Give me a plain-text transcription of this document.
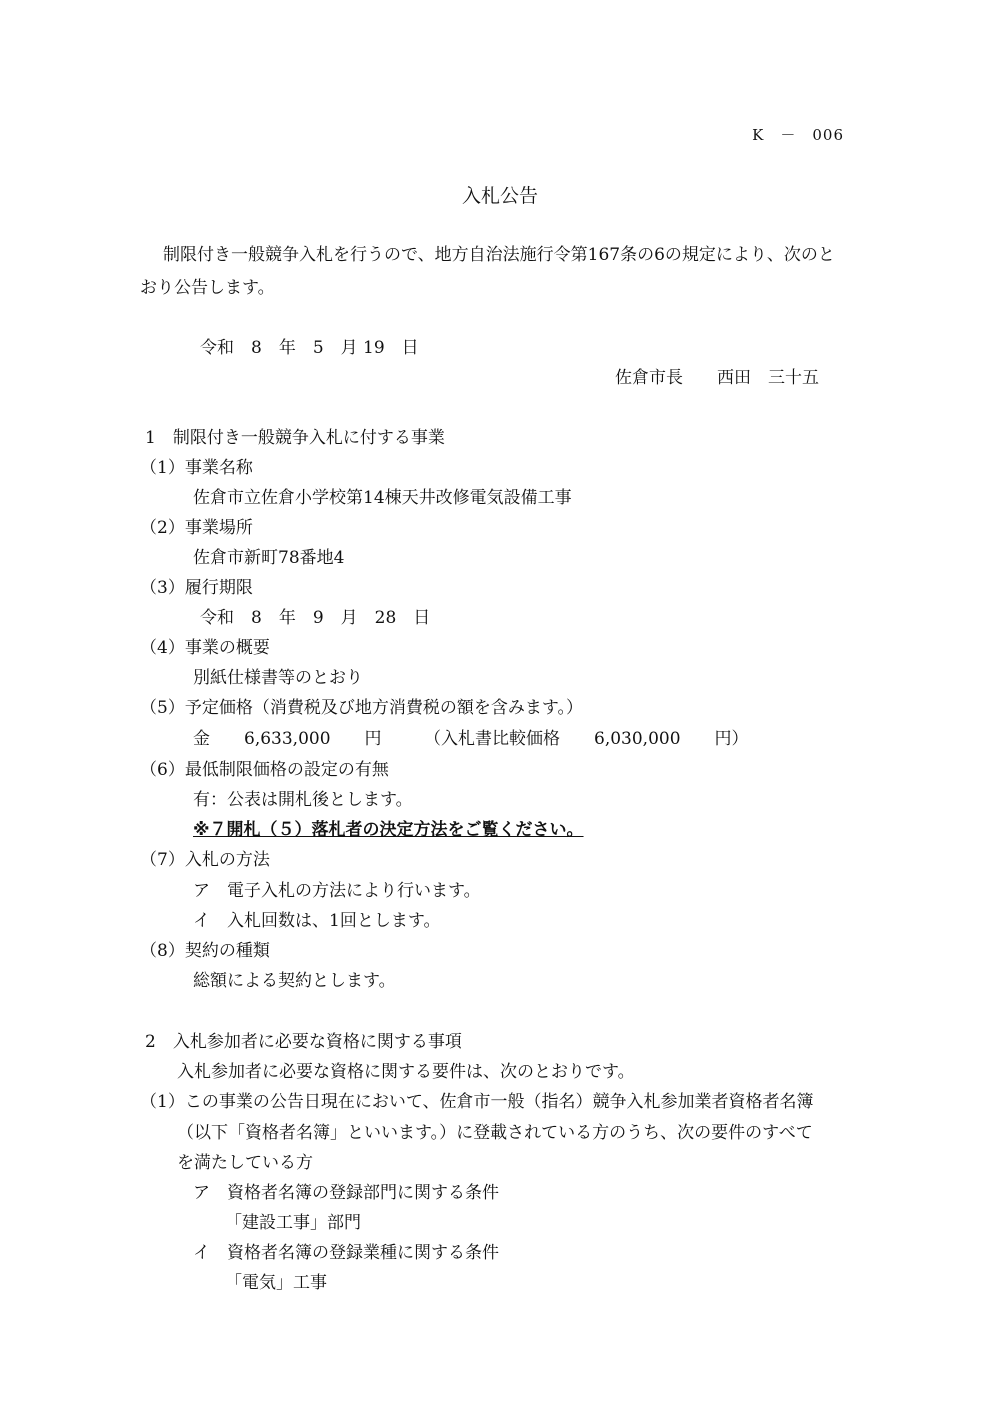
K　－　006
入札公告
制限付き一般競争入札を行うので、地方自治法施行令第167条の6の規定により、次のと
おり公告します。
令和　8　年　5　月 19　日
佐倉市長　　西田　三十五
1　制限付き一般競争入札に付する事業
（1）事業名称
佐倉市立佐倉小学校第14棟天井改修電気設備工事
（2）事業場所
佐倉市新町78番地4
（3）履行期限
令和　8　年　9　月　28　日
（4）事業の概要
別紙仕様書等のとおり
（5）予定価格（消費税及び地方消費税の額を含みます。）
金　　6,633,000　　円　　　（入札書比較価格　　6,030,000　　円）
（6）最低制限価格の設定の有無
有：公表は開札後とします。
※７開札（５）落札者の決定方法をご覧ください。
（7）入札の方法
ア　電子入札の方法により行います。
イ　入札回数は、1回とします。
（8）契約の種類
総額による契約とします。
2　入札参加者に必要な資格に関する事項
入札参加者に必要な資格に関する要件は、次のとおりです。
（1）この事業の公告日現在において、佐倉市一般（指名）競争入札参加業者資格者名簿
（以下「資格者名簿」といいます。）に登載されている方のうち、次の要件のすべて
を満たしている方
ア　資格者名簿の登録部門に関する条件
「建設工事」部門
イ　資格者名簿の登録業種に関する条件
「電気」工事
